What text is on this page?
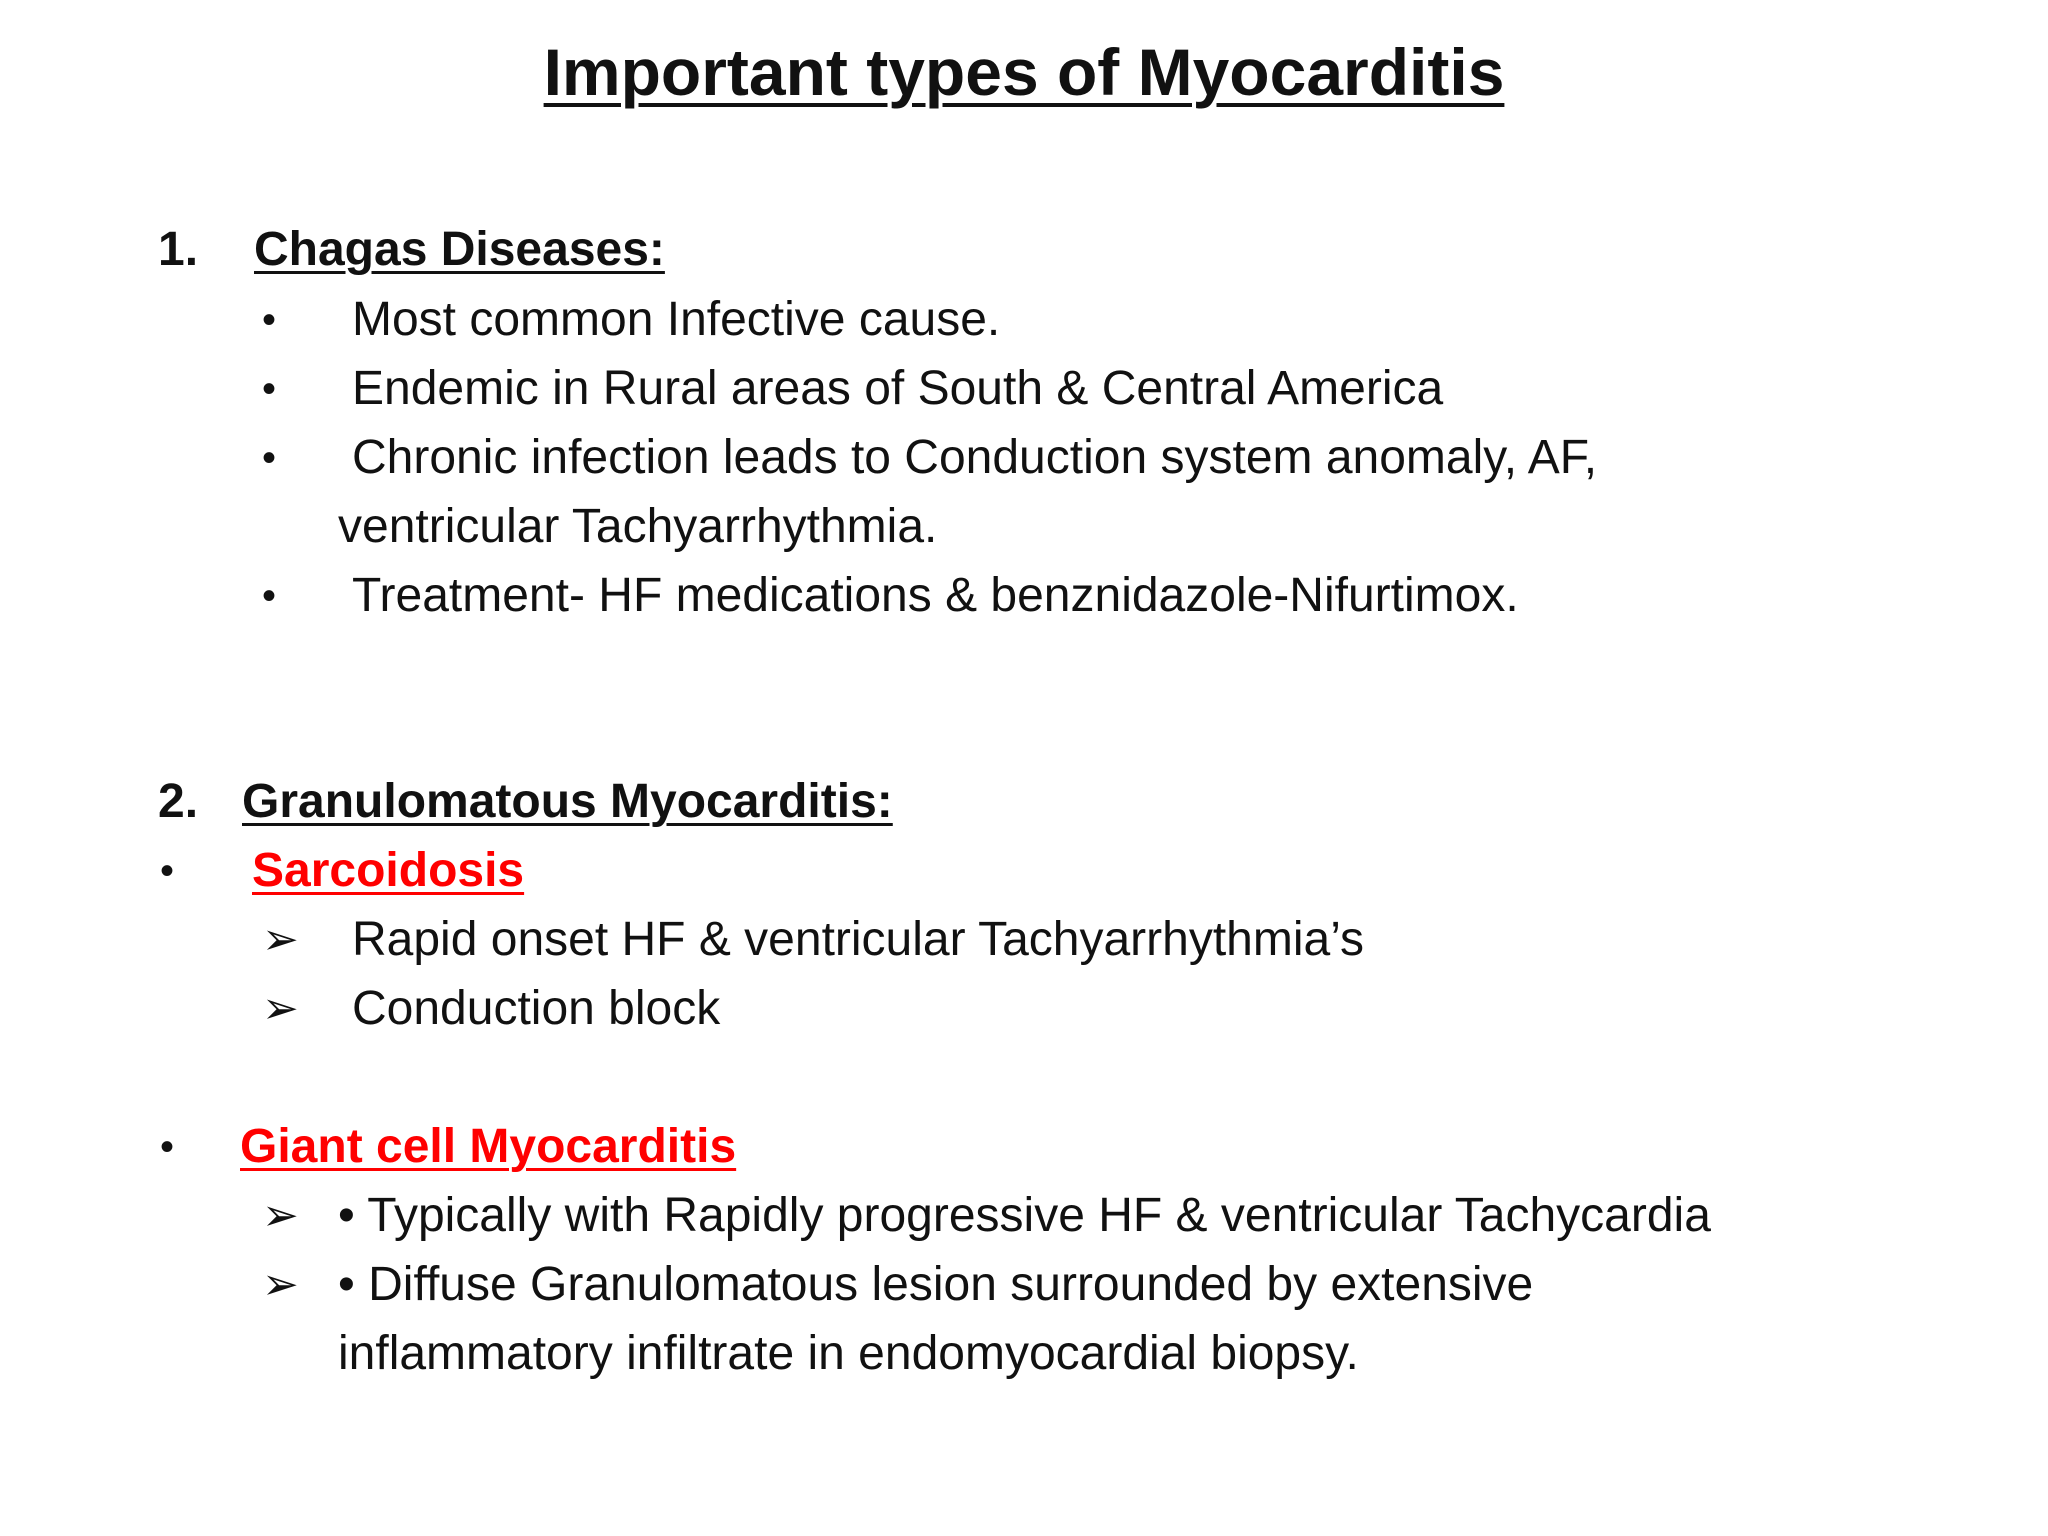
Important types of Myocarditis
1. Chagas Diseases:
• Most common Infective cause.
• Endemic in Rural areas of South & Central America
• Chronic infection leads to Conduction system anomaly, AF,
ventricular Tachyarrhythmia.
• Treatment- HF medications & benznidazole-Nifurtimox.
2. Granulomatous Myocarditis:
• Sarcoidosis
➢ Rapid onset HF & ventricular Tachyarrhythmia’s
➢ Conduction block
• Giant cell Myocarditis
➢ • Typically with Rapidly progressive HF & ventricular Tachycardia
➢ • Diffuse Granulomatous lesion surrounded by extensive
inflammatory infiltrate in endomyocardial biopsy.
